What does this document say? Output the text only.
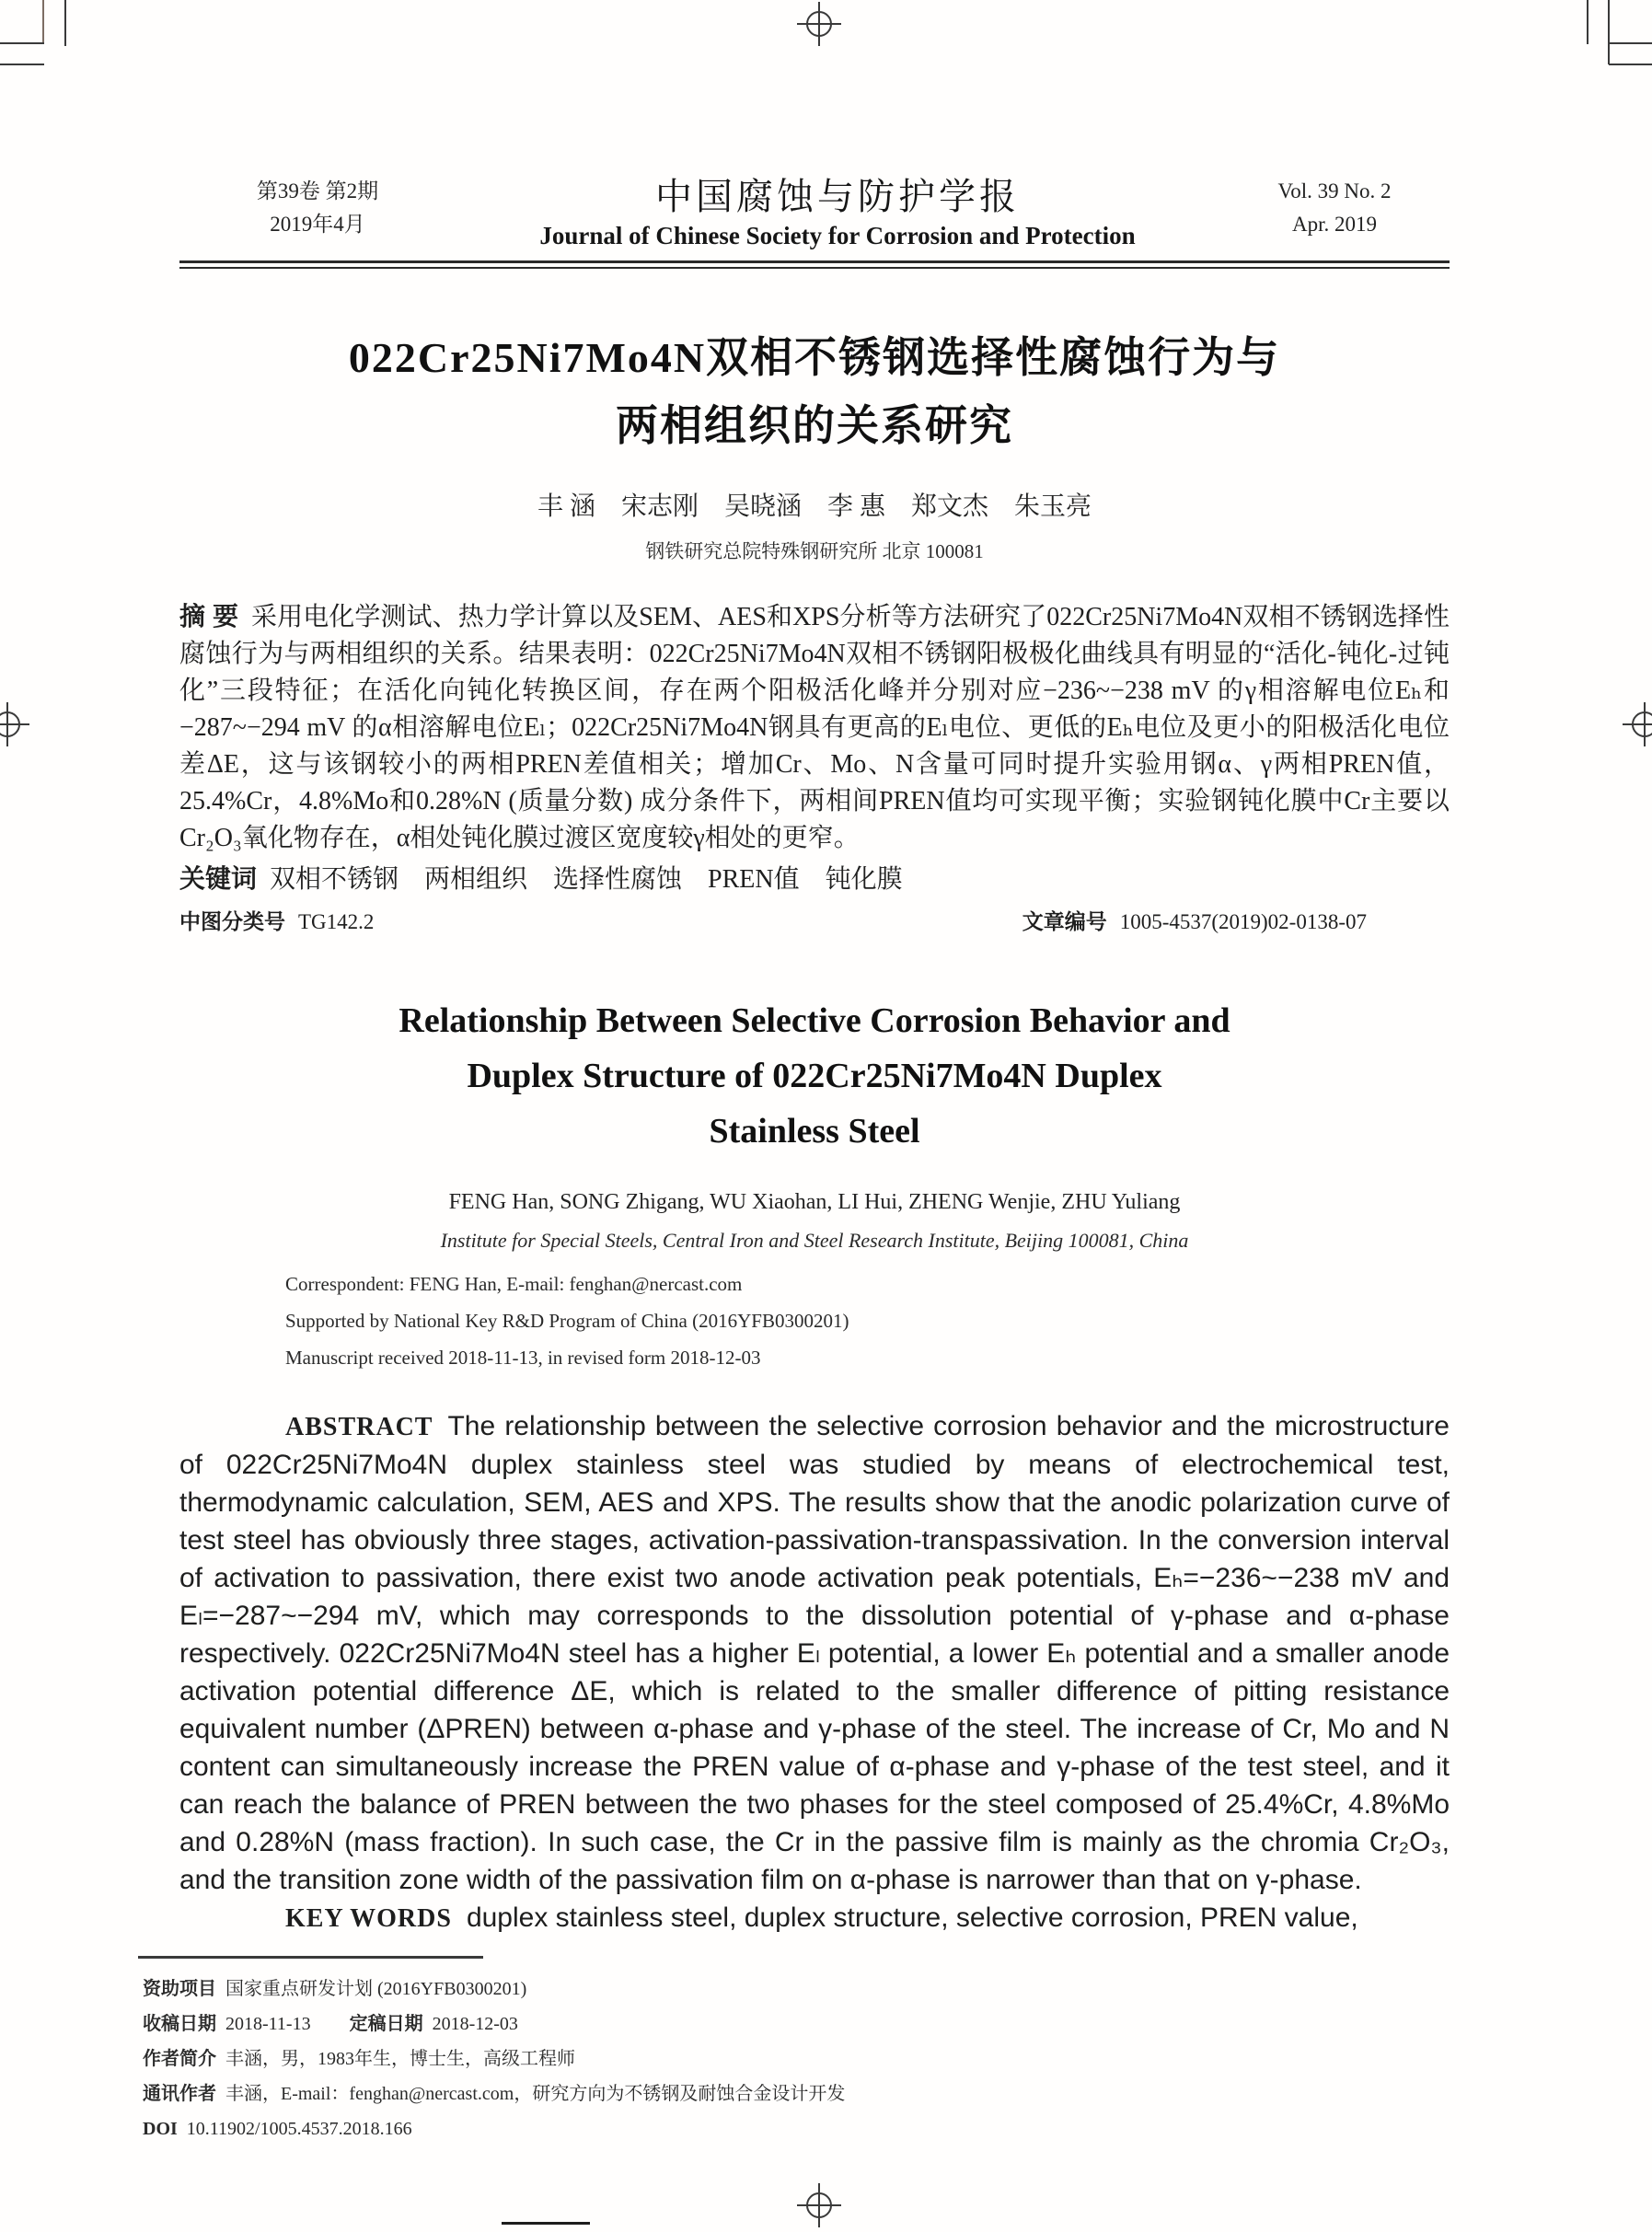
第39卷 第2期
2019年4月
中国腐蚀与防护学报
Journal of Chinese Society for Corrosion and Protection
Vol. 39 No. 2
Apr. 2019
022Cr25Ni7Mo4N双相不锈钢选择性腐蚀行为与
两相组织的关系研究
丰 涵　宋志刚　吴晓涵　李 惠　郑文杰　朱玉亮
钢铁研究总院特殊钢研究所 北京 100081

摘 要 采用电化学测试、热力学计算以及SEM、AES和XPS分析等方法研究了022Cr25Ni7Mo4N双相不锈钢选择性腐蚀行为与两相组织的关系。结果表明：022Cr25Ni7Mo4N双相不锈钢阳极极化曲线具有明显的“活化-钝化-过钝化”三段特征；在活化向钝化转换区间，存在两个阳极活化峰并分别对应−236~−238 mV 的γ相溶解电位Eₕ和−287~−294 mV 的α相溶解电位Eₗ；022Cr25Ni7Mo4N钢具有更高的Eₗ电位、更低的Eₕ电位及更小的阳极活化电位差ΔE，这与该钢较小的两相PREN差值相关；增加Cr、Mo、N含量可同时提升实验用钢α、γ两相PREN值，25.4%Cr，4.8%Mo和0.28%N (质量分数) 成分条件下，两相间PREN值均可实现平衡；实验钢钝化膜中Cr主要以Cr₂O₃氧化物存在，α相处钝化膜过渡区宽度较γ相处的更窄。

关键词 双相不锈钢　两相组织　选择性腐蚀　PREN值　钝化膜

中图分类号 TG142.2	文章编号 1005-4537(2019)02-0138-07
Relationship Between Selective Corrosion Behavior and
Duplex Structure of 022Cr25Ni7Mo4N Duplex
Stainless Steel
FENG Han, SONG Zhigang, WU Xiaohan, LI Hui, ZHENG Wenjie, ZHU Yuliang
Institute for Special Steels, Central Iron and Steel Research Institute, Beijing 100081, China
Correspondent: FENG Han, E-mail: fenghan@nercast.com
Supported by National Key R&D Program of China (2016YFB0300201)
Manuscript received 2018-11-13, in revised form 2018-12-03

ABSTRACT The relationship between the selective corrosion behavior and the microstructure of 022Cr25Ni7Mo4N duplex stainless steel was studied by means of electrochemical test, thermodynamic calculation, SEM, AES and XPS. The results show that the anodic polarization curve of test steel has obviously three stages, activation-passivation-transpassivation. In the conversion interval of activation to passivation, there exist two anode activation peak potentials, Eₕ=−236~−238 mV and Eₗ=−287~−294 mV, which may corresponds to the dissolution potential of γ-phase and α-phase respectively. 022Cr25Ni7Mo4N steel has a higher Eₗ potential, a lower Eₕ potential and a smaller anode activation potential difference ΔE, which is related to the smaller difference of pitting resistance equivalent number (ΔPREN) between α-phase and γ-phase of the steel. The increase of Cr, Mo and N content can simultaneously increase the PREN value of α-phase and γ-phase of the test steel, and it can reach the balance of PREN between the two phases for the steel composed of 25.4%Cr, 4.8%Mo and 0.28%N (mass fraction). In such case, the Cr in the passive film is mainly as the chromia Cr₂O₃, and the transition zone width of the passivation film on α-phase is narrower than that on γ-phase.

KEY WORDS duplex stainless steel, duplex structure, selective corrosion, PREN value,

资助项目 国家重点研发计划 (2016YFB0300201)
收稿日期 2018-11-13 定稿日期 2018-12-03
作者简介 丰涵，男，1983年生，博士生，高级工程师
通讯作者 丰涵，E-mail：fenghan@nercast.com，研究方向为不锈钢及耐蚀合金设计开发
DOI 10.11902/1005.4537.2018.166
